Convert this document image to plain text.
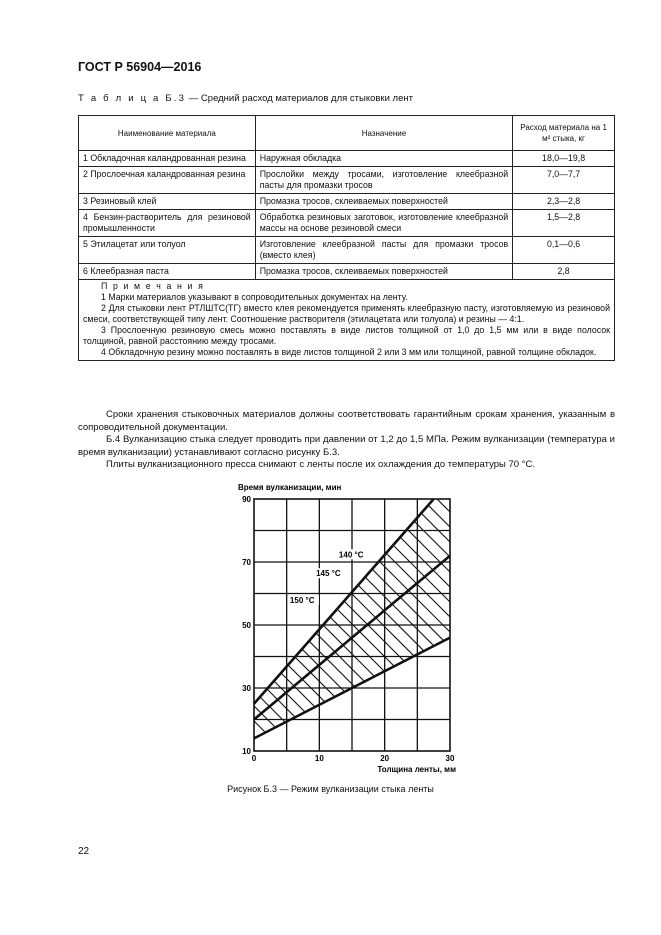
ГОСТ Р 56904—2016
Т а б л и ц а Б.3 — Средний расход материалов для стыковки лент
Наименование материала	Назначение	Расход материала на 1 м² стыка, кг
1 Обкладочная каландрованная резина	Наружная обкладка	18,0—19,8
2 Прослоечная каландрованная резина	Прослойки между тросами, изготовление клеебразной пасты для промазки тросов	7,0—7,7
3 Резиновый клей	Промазка тросов, склеиваемых поверхностей	2,3—2,8
4 Бензин-растворитель для резиновой промышленности	Обработка резиновых заготовок, изготовление клеебразной массы на основе резиновой смеси	1,5—2,8
5 Этилацетат или толуол	Изготовление клеебразной пасты для промазки тросов (вместо клея)	0,1—0,6
6 Клеебразная паста	Промазка тросов, склеиваемых поверхностей	2,8

П р и м е ч а н и я

1 Марки материалов указывают в сопроводительных документах на ленту.

2 Для стыковки лент РТЛШТС(ТГ) вместо клея рекомендуется применять клеебразную пасту, изготовляемую из резиновой смеси, соответствующей типу лент. Соотношение растворителя (этилацетата или толуола) и резины — 4:1.

3 Прослоечную резиновую смесь можно поставлять в виде листов толщиной от 1,0 до 1,5 мм или в виде полосок толщиной, равной расстоянию между тросами.

4 Обкладочную резину можно поставлять в виде листов толщиной 2 или 3 мм или толщиной, равной толщине обкладок.		

Сроки хранения стыковочных материалов должны соответствовать гарантийным срокам хранения, указанным в сопроводительной документации.

Б.4 Вулканизацию стыка следует проводить при давлении от 1,2 до 1,5 МПа. Режим вулканизации (температура и время вулканизации) устанавливают согласно рисунку Б.3.

Плиты вулканизационного пресса снимают с ленты после их охлаждения до температуры 70 °С.

10
30
50
70
90
0	10	20	30
140 °С
145 °С
150 °С
Время вулканизации, мин
Толщина ленты, мм
Рисунок Б.3 — Режим вулканизации стыка ленты
22
